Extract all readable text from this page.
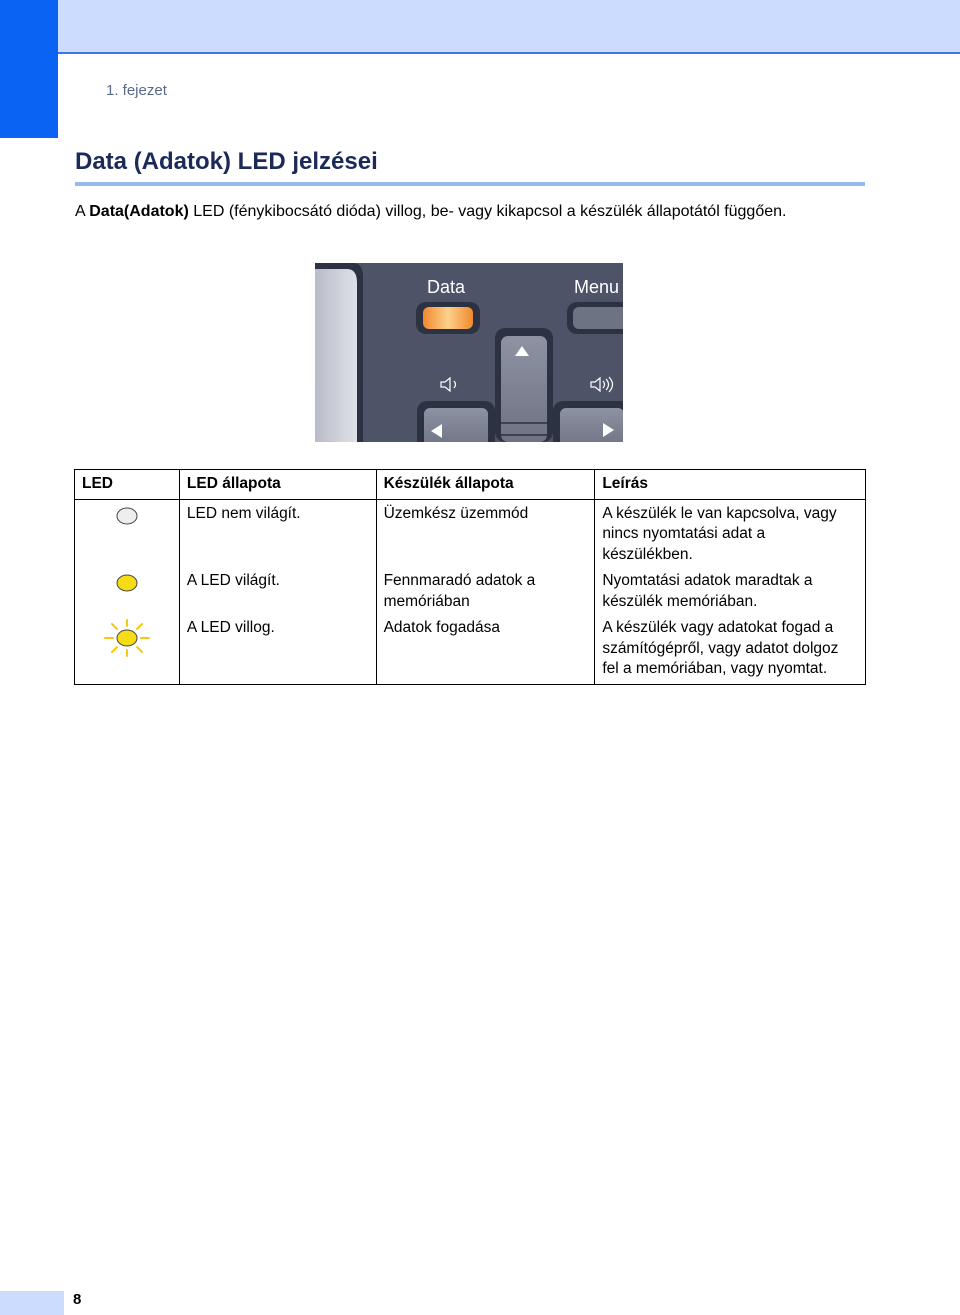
1. fejezet
Data (Adatok) LED jelzései

A Data(Adatok) LED (fénykibocsátó dióda) villog, be- vagy kikapcsol a készülék állapotától függően.

Data	Menu
LED	LED állapota	Készülék állapota	Leírás
	LED nem világít.	Üzemkész üzemmód	A készülék le van kapcsolva, vagy nincs nyomtatási adat a készülékben.
	A LED világít.	Fennmaradó adatok a memóriában	Nyomtatási adatok maradtak a készülék memóriában.
	A LED villog.	Adatok fogadása	A készülék vagy adatokat fogad a számítógépről, vagy adatot dolgoz fel a memóriában, vagy nyomtat.
8
